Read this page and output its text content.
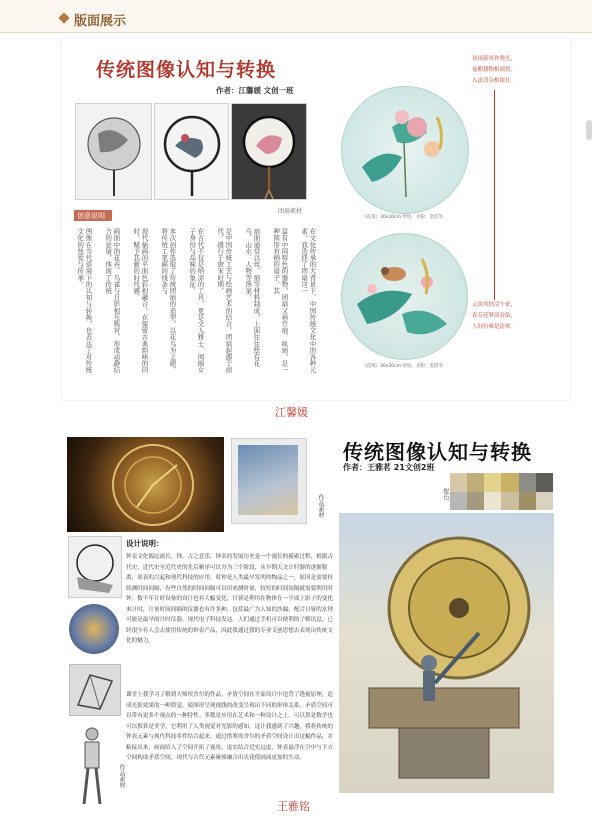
版面展示
传统图像认知与转换
作者：江馨媛 文创一班
团扇素材
创意说明
图像在当代语境下的认知与转换，也表达了对传统文化的热爱与传承。	画面中的花卉、鸟雀与月影相互映衬，形成动静结合的意境，体现了传统	现代插画的平面色彩相融合，在保留古典韵味的同时，赋予其新的时代感，	本次创作选取了传统团扇的造型，以花鸟为主题，将传统工笔画的线条与	在古代不仅是纳凉的工具，更是文人雅士、闺阁女子身份与品味的象征。	是中国传统工艺与绘画艺术的结合。团扇起源于商代，盛行于唐宋时期，	扇面通常以丝、绢等材料制成，上面往往绘有花鸟、山水、人物等图案，	富有中国特色的器物，团扇又称宫扇、纨扇，是一种圆形有柄的扇子，其	在文化传承的大背景下，中国传统文化中的各种元素，我选择了团扇这一
《花落》30x30cm 丝绢、水粉、金箔等
《花鸣》30x30cm 丝绢、水粉、金箔等
初雨新风作晓光，
夜酣捷物相端傍。
入法清杂相流壮。
云淡风轻活午来，
春芳花梦淡春染，
人间有味是清欢。
江馨媛
作品素材
传统图像认知与转换
作者：王雅茗 21文创2班
配色
作品素材
设计说明：
钟表文化源远流长，钟，古之意乐，钟表的发展历史是一个漫长的摸索过程，根据古代史、近代史至近代史的先后顺序可以分为三个阶段，从早期天文计时器的逐渐脱离，原表的兴起和现代科技的应用。时钟是人类最早发明的物品之一，原因是需要持续测时间间隔，有些自然的时间间隔可以用来测时量，较短的时间间隔就需要利用时钟。数千年计时设备的设计也有大幅变化，日晷是利用在物体在一平面上影子的变化来计时，计量时间间隔的仪器也有许多种，包括最广为人知的沙漏。配合日晷的水钟可能是最早的计时仪器，现代电子科技发达，人们通过手机可以便利的了解讯息，已经很少有人会去使用传统的钟表产品，因此我通过我的专业文创思想去表现出传统文化的魅力。
课堂上我学习了解到大师埃舍尔的作品，矛盾空间在平面设计中违背了透视原理，造成光影效果的一种错觉，使图形呈现视线的改变呈现出不同的形体关系，矛盾空间可以带有更多个视点的一种特性。多数是应用在艺术和一种设计之上，可以算是数学也可以推算是美学，它利用了人类视觉对光影的感知，这让我感到了兴趣，我将传统的钟表元素与现代科技零件结合起来，通过借鉴埃舍尔的矛盾空间设计出这幅作品，并粘接出来，画面给入了空间开拓了视角，虚实结合近实远虚，钟表悬浮在空中与下方空间构成矛盾空间，现代与古代元素碰撞融合出火花使画面更加的生动。
王雅铭
